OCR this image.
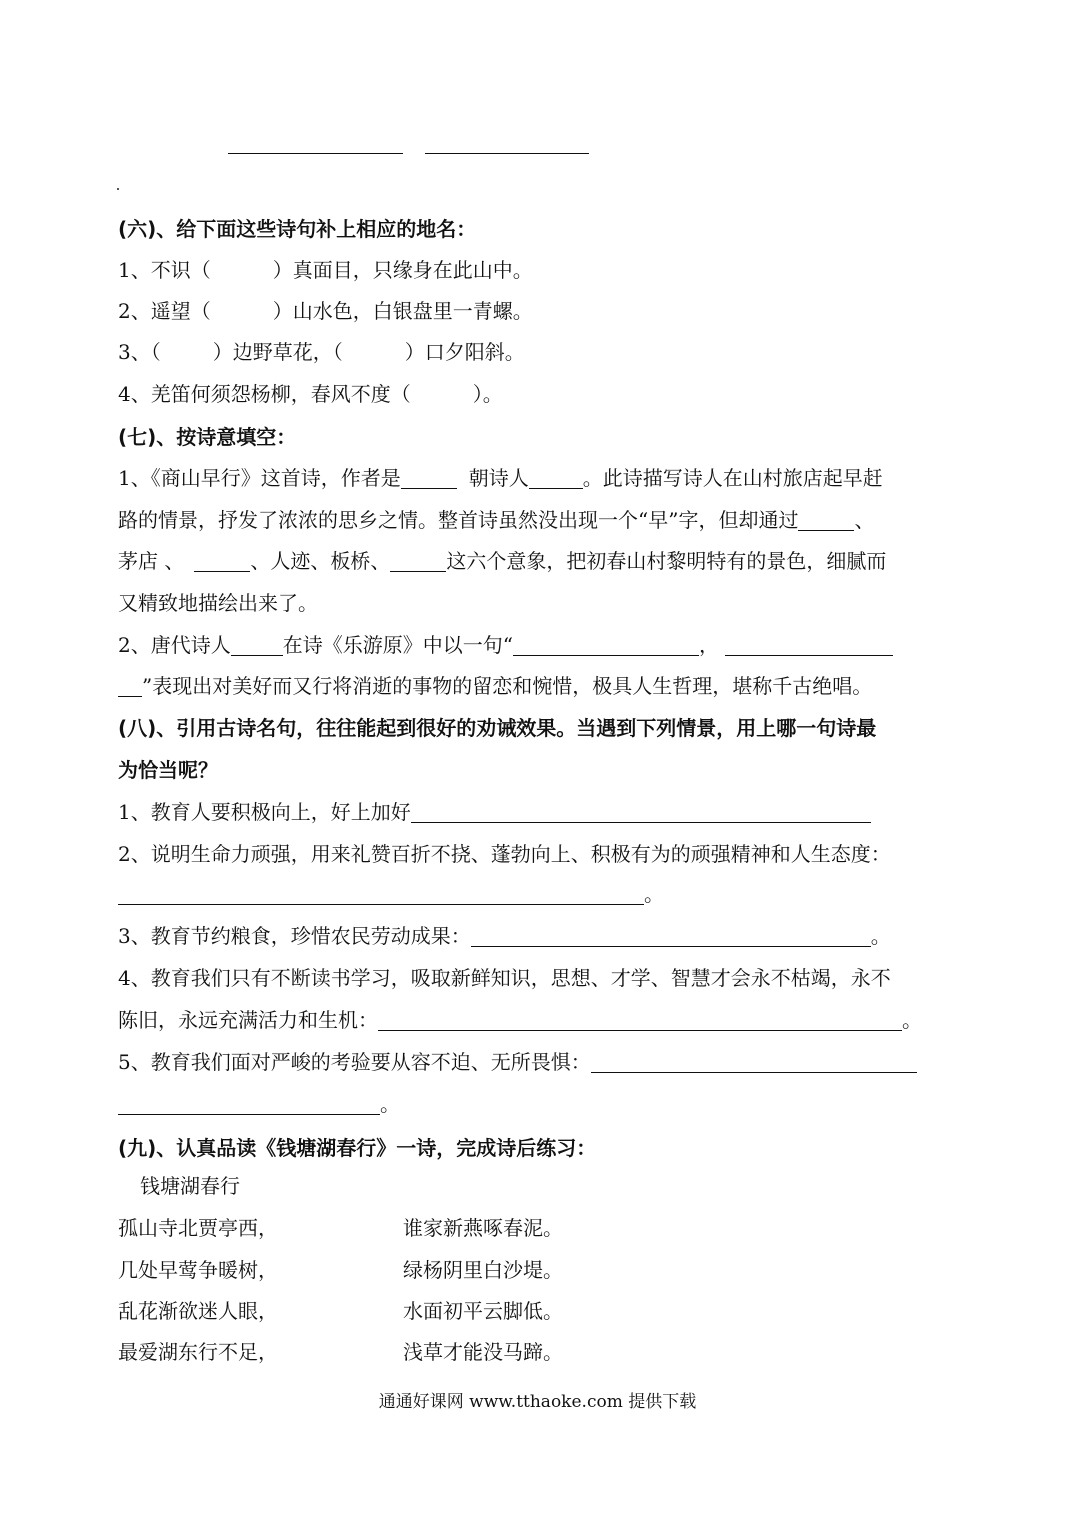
(六)、给下面这些诗句补上相应的地名：
1、不识（	）真面目，只缘身在此山中。
2、遥望（	）山水色，白银盘里一青螺。
3、（	）边野草花，（	）口夕阳斜。
4、羌笛何须怨杨柳，春风不度（	）。
(七)、按诗意填空：
1、《商山早行》这首诗，作者是	朝诗人	。此诗描写诗人在山村旅店起早赶
路的情景，抒发了浓浓的思乡之情。整首诗虽然没出现一个“早”字，但却通过	、
茅店 、	、人迹、板桥、	这六个意象，把初春山村黎明特有的景色，细腻而
又精致地描绘出来了。
2、唐代诗人	在诗《乐游原》中以一句“	，
”表现出对美好而又行将消逝的事物的留恋和惋惜，极具人生哲理，堪称千古绝唱。
(八)、引用古诗名句，往往能起到很好的劝诫效果。当遇到下列情景，用上哪一句诗最
为恰当呢？
1、教育人要积极向上，好上加好
2、说明生命力顽强，用来礼赞百折不挠、蓬勃向上、积极有为的顽强精神和人生态度：
。
3、教育节约粮食，珍惜农民劳动成果：	。
4、教育我们只有不断读书学习，吸取新鲜知识，思想、才学、智慧才会永不枯竭，永不
陈旧，永远充满活力和生机：	。
5、教育我们面对严峻的考验要从容不迫、无所畏惧：
。
(九)、认真品读《钱塘湖春行》一诗，完成诗后练习：
钱塘湖春行
孤山寺北贾亭西，	谁家新燕啄春泥。
几处早莺争暖树，	绿杨阴里白沙堤。
乱花渐欲迷人眼，	水面初平云脚低。
最爱湖东行不足，	浅草才能没马蹄。
通通好课网 www.tthaoke.com 提供下载
